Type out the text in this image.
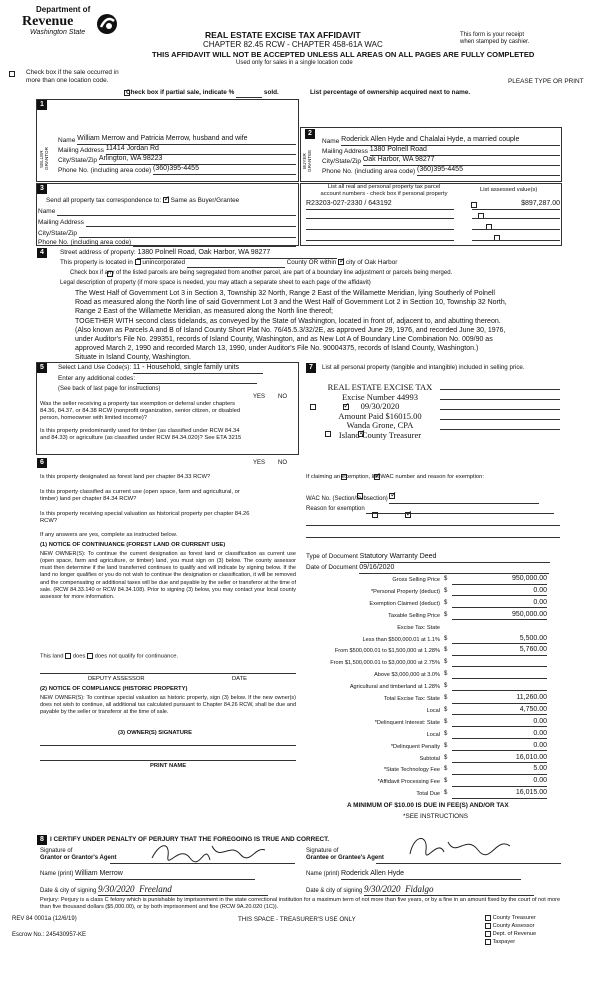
Department of
Revenue
Washington State	REAL ESTATE EXCISE TAX AFFIDAVIT
CHAPTER 82.45 RCW - CHAPTER 458-61A WAC
THIS AFFIDAVIT WILL NOT BE ACCEPTED UNLESS ALL AREAS ON ALL PAGES ARE FULLY COMPLETED
Used only for sales in a single location code
This form is your receipt
when stamped by cashier.

Check box if the sale occurred in
more than one location code.	PLEASE TYPE OR PRINT

Check box if partial sale, indicate %	sold.	List percentage of ownership acquired next to name.
1
SELLER GRANTOR
Name
William Merrow and Patricia Merrow, husband and wife
Mailing Address
11414 Jordan Rd
City/State/Zip
Arlington, WA 98223
Phone No. (including area code)
(360)395-4455
2
BUYER GRANTEE
Name
Roderick Allen Hyde and Chalalai Hyde, a married couple
Mailing Address
1380 Polnell Road
City/State/Zip
Oak Harbor, WA 98277
Phone No. (including area code)
(360)395-4455
3
Send all property tax correspondence to: ✓ Same as Buyer/Grantee
Name

Mailing Address

City/State/Zip

Phone No. (including area code)

List all real and personal property tax parcel
account numbers - check box if personal property
List assessed value(s)
R23203-027-2330 / 643192
	$897,287.00

4	Street address of property: 1380 Polnell Road, Oak Harbor, WA 98277
This property is located in unincorporated	County OR within ✓ city of Oak Harbor

Check box if any of the listed parcels are being segregated from another parcel, are part of a boundary line adjustment or parcels being merged.
Legal description of property (if more space is needed, you may attach a separate sheet to each page of the affidavit)
The West Half of Government Lot 3 in Section 3, Township 32 North, Range 2 East of the Willamette Meridian, lying Southerly of Polnell
Road as measured along the North line of said Government Lot 3 and the West Half of Government Lot 2 in Section 10, Township 32 North,
Range 2 East of the Willamette Meridian, as measured along the North line thereof;
TOGETHER WITH second class tidelands, as conveyed by the State of Washington, located in front of, adjacent to, and abutting thereon.
(Also known as Parcels A and B of Island County Short Plat No. 76/45.5.3/32/2E, as approved June 29, 1976, and recorded June 30, 1976,
under Auditor's File No. 299351, records of Island County, Washington, and as New Lot A of Boundary Line Combination No. 009/90 as
approved March 2, 1990 and recorded March 13, 1990, under Auditor's File No. 90004375, records of Island County, Washington.)
Situate in Island County, Washington.
5	Select Land Use Code(s): 11 - Household, single family units
Enter any additional codes:
(See back of last page for instructions)
YES NO
Was the seller receiving a property tax exemption or deferral under chapters 84.36, 84.37, or 84.38 RCW (nonprofit organization, senior citizen, or disabled person, homeowner with limited income)?
✓
Is this property predominantly used for timber (as classified under RCW 84.34 and 84.33) or agriculture (as classified under RCW 84.34.020)? See ETA 3215
✓
6	YES NO
Is this property designated as forest land per chapter 84.33 RCW?
✓
Is this property classified as current use (open space, farm and agricultural, or timber) land per chapter 84.34 RCW?
✓
Is this property receiving special valuation as historical property per chapter 84.26 RCW?
✓
If any answers are yes, complete as instructed below.
(1) NOTICE OF CONTINUANCE (FOREST LAND OR CURRENT USE)
NEW OWNER(S): To continue the current designation as forest land or classification as current use (open space, farm and agriculture, or timber) land, you must sign on (3) below. The county assessor must then determine if the land transferred continues to qualify and will indicate by signing below. If the land no longer qualifies or you do not wish to continue the designation or classification, it will be removed and the compensating or additional taxes will be due and payable by the seller or transferor at the time of sale. (RCW 84.33.140 or RCW 84.34.108). Prior to signing (3) below, you may contact your local county assessor for more information.
This land does does not qualify for continuance.
DEPUTY ASSESSOR	DATE
(2) NOTICE OF COMPLIANCE (HISTORIC PROPERTY)
NEW OWNER(S): To continue special valuation as historic property, sign (3) below. If the new owner(s) does not wish to continue, all additional tax calculated pursuant to Chapter 84.26 RCW, shall be due and payable by the seller or transferor at the time of sale.
(3) OWNER(S) SIGNATURE
PRINT NAME
7	List all personal property (tangible and intangible) included in selling price.
REAL ESTATE EXCISE TAX
Excise Number 44993
09/30/2020
Amount Paid $16015.00
Wanda Grone, CPA
Island County Treasurer
If claiming an exemption, list WAC number and reason for exemption:
WAC No. (Section/Subsection)
Reason for exemption
Type of Document Statutory Warranty Deed
Date of Document 09/16/2020
Gross Selling Price $	950,000.00
*Personal Property (deduct) $	0.00
Exemption Claimed (deduct) $	0.00
Taxable Selling Price $	950,000.00
Excise Tax: State
Less than $500,000.01 at 1.1% $	5,500.00
From $500,000.01 to $1,500,000 at 1.28% $	5,760.00
From $1,500,000.01 to $3,000,000 at 2.75% $
Above $3,000,000 at 3.0% $
Agricultural and timberland at 1.28% $
Total Excise Tax: State $	11,260.00
Local $	4,750.00
*Delinquent Interest: State $	0.00
Local $	0.00
*Delinquent Penalty $	0.00
Subtotal $	16,010.00
*State Technology Fee $	5.00
*Affidavit Processing Fee $	0.00
Total Due $	16,015.00
A MINIMUM OF $10.00 IS DUE IN FEE(S) AND/OR TAX
*SEE INSTRUCTIONS
8 I CERTIFY UNDER PENALTY OF PERJURY THAT THE FOREGOING IS TRUE AND CORRECT.
Signature of
Grantor or Grantor's Agent
Name (print) William Merrow
Date & city of signing 9/30/2020 Freeland
Signature of
Grantee or Grantee's Agent
Name (print) Roderick Allen Hyde
Date & city of signing 9/30/2020 Fidalgo
Perjury: Perjury is a class C felony which is punishable by imprisonment in the state correctional institution for a maximum term of not more than five years, or by a fine in an amount fixed by the court of not more than five thousand dollars ($5,000.00), or by both imprisonment and fine (RCW 9A.20.020 (1C)).
REV 84 0001a (12/6/19)	THIS SPACE - TREASURER'S USE ONLY
Escrow No.: 245430957-KE
County Treasurer
County Assessor
Dept. of Revenue
Taxpayer
